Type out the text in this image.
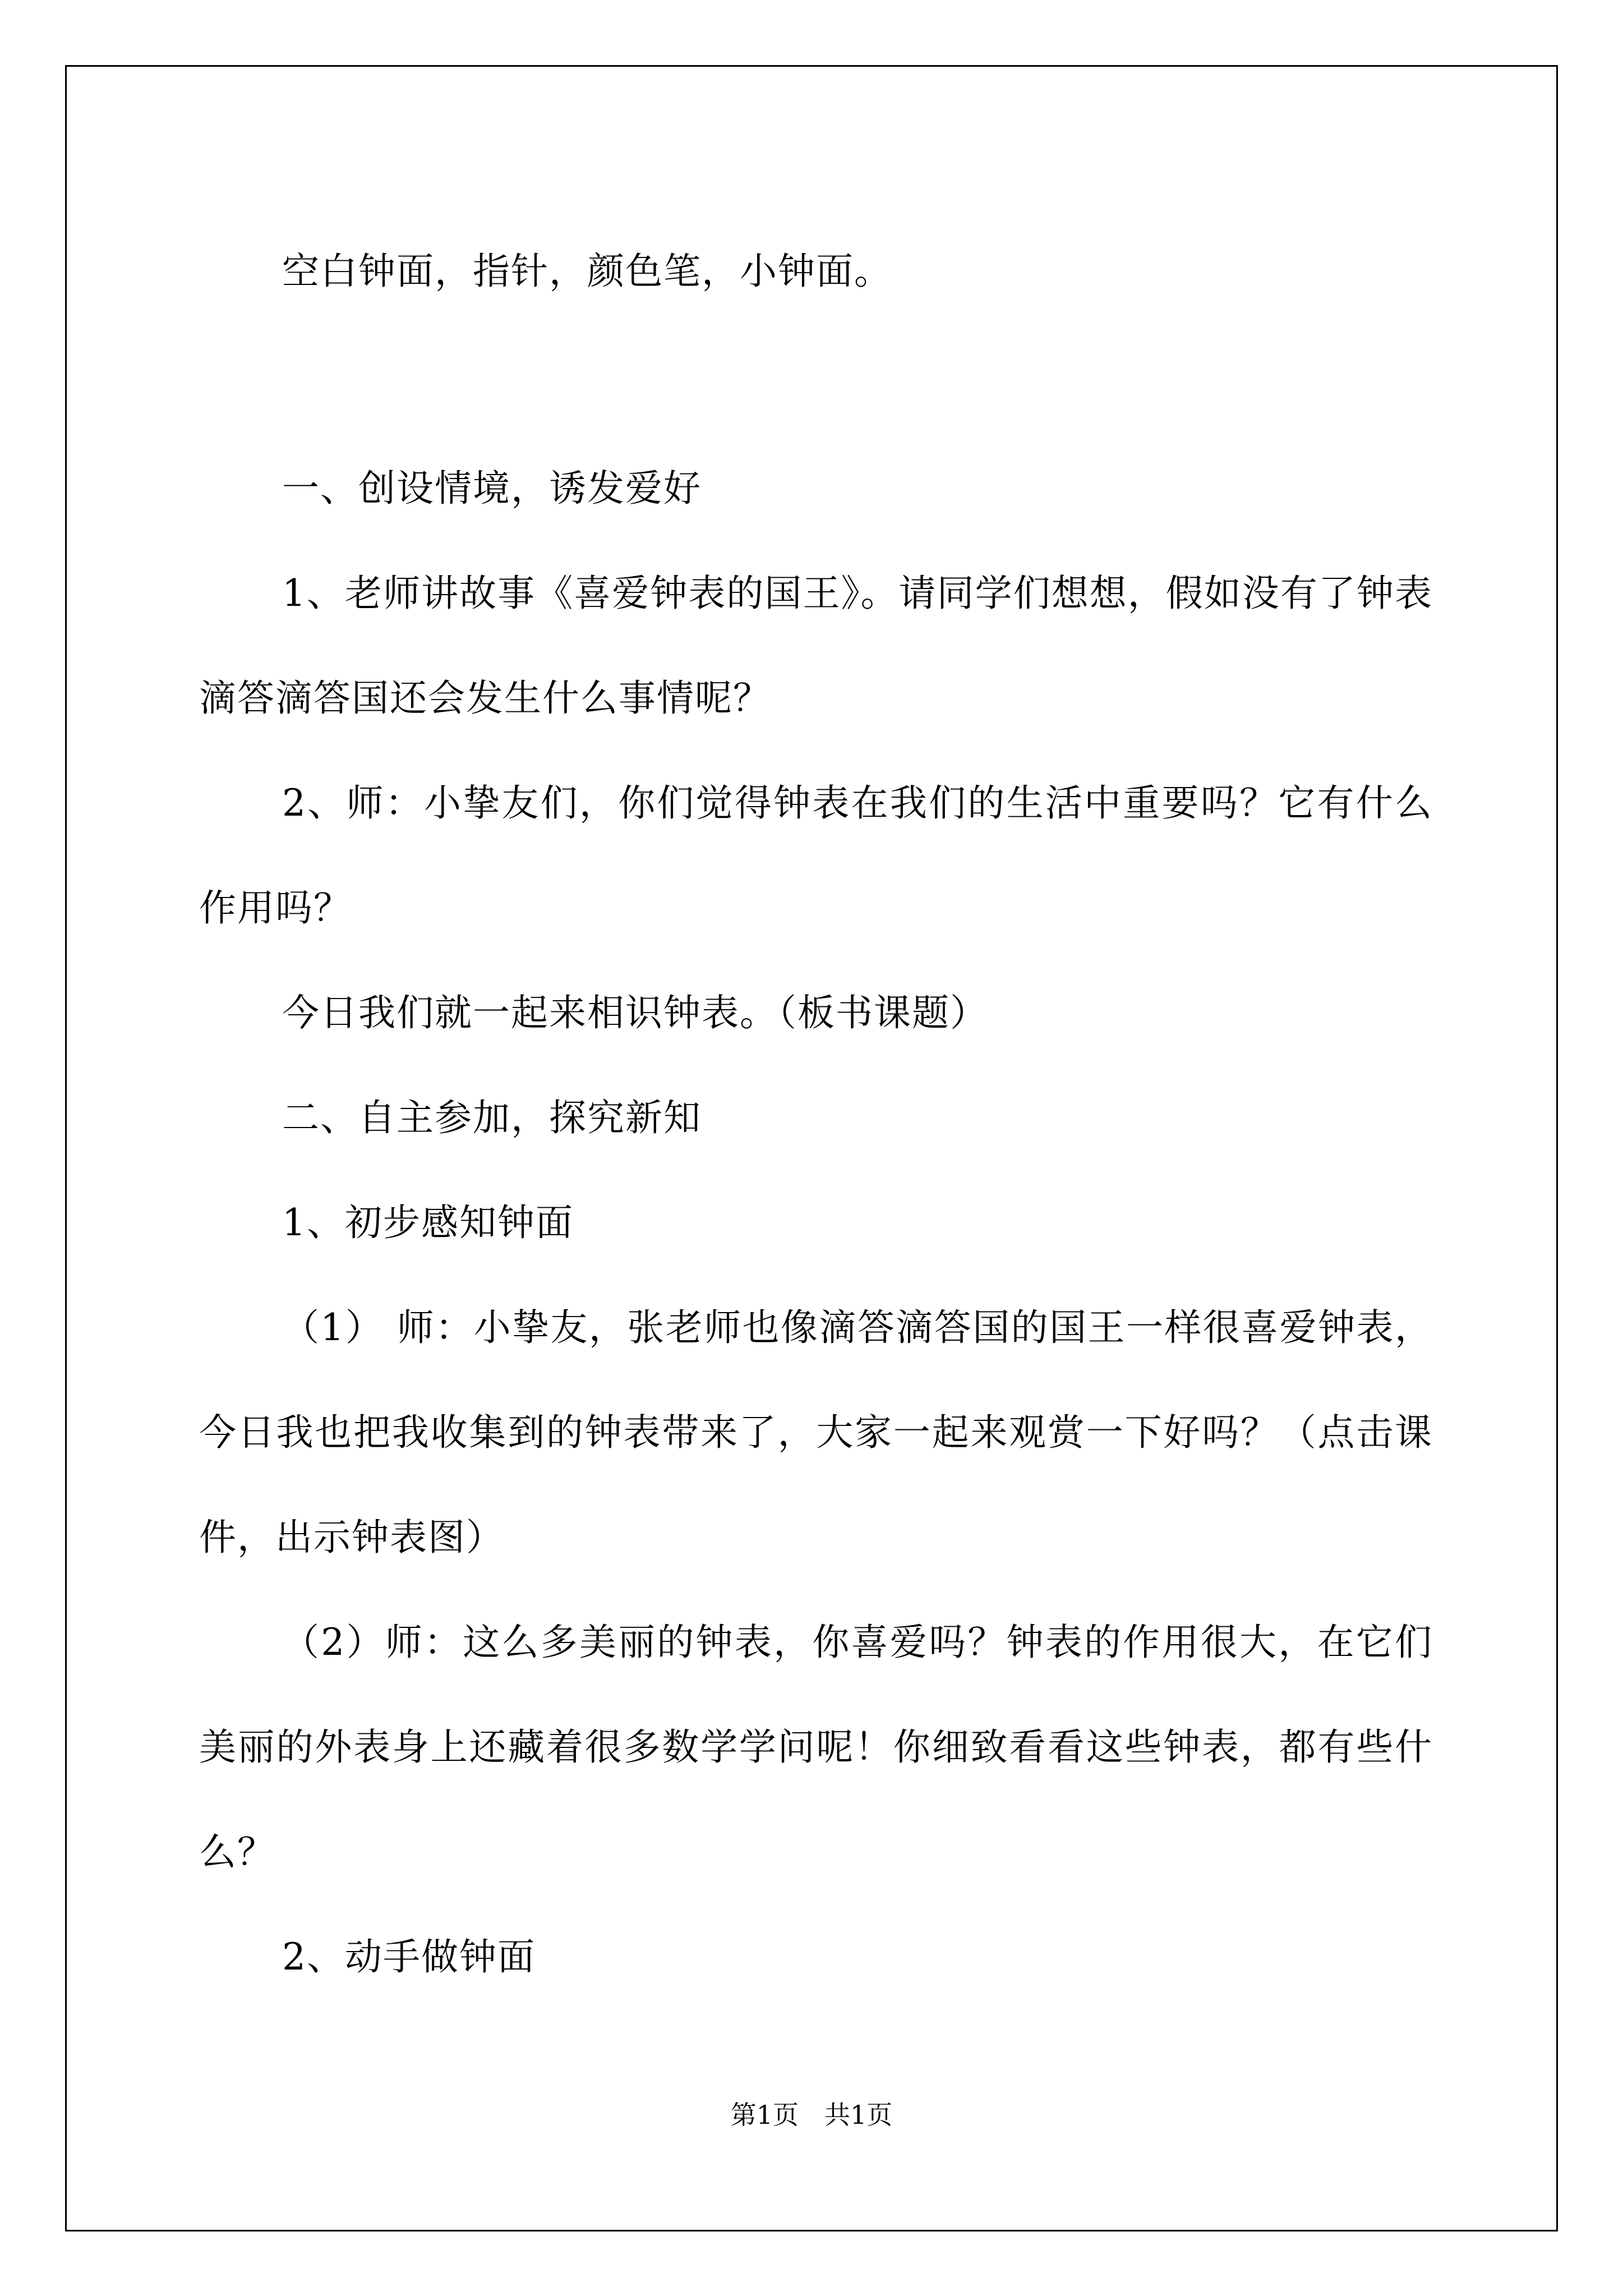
空白钟面，指针，颜色笔，小钟面。

一、创设情境，诱发爱好

1、老师讲故事《喜爱钟表的国王》。请同学们想想，假如没有了钟表滴答滴答国还会发生什么事情呢？

2、师：小挚友们，你们觉得钟表在我们的生活中重要吗？它有什么作用吗？

今日我们就一起来相识钟表。（板书课题）

二、自主参加，探究新知

1、初步感知钟面

（1） 师：小挚友，张老师也像滴答滴答国的国王一样很喜爱钟表，今日我也把我收集到的钟表带来了，大家一起来观赏一下好吗？（点击课件，出示钟表图）

（2）师：这么多美丽的钟表，你喜爱吗？钟表的作用很大，在它们美丽的外表身上还藏着很多数学学问呢！你细致看看这些钟表，都有些什么？

2、动手做钟面

第1页　共1页
